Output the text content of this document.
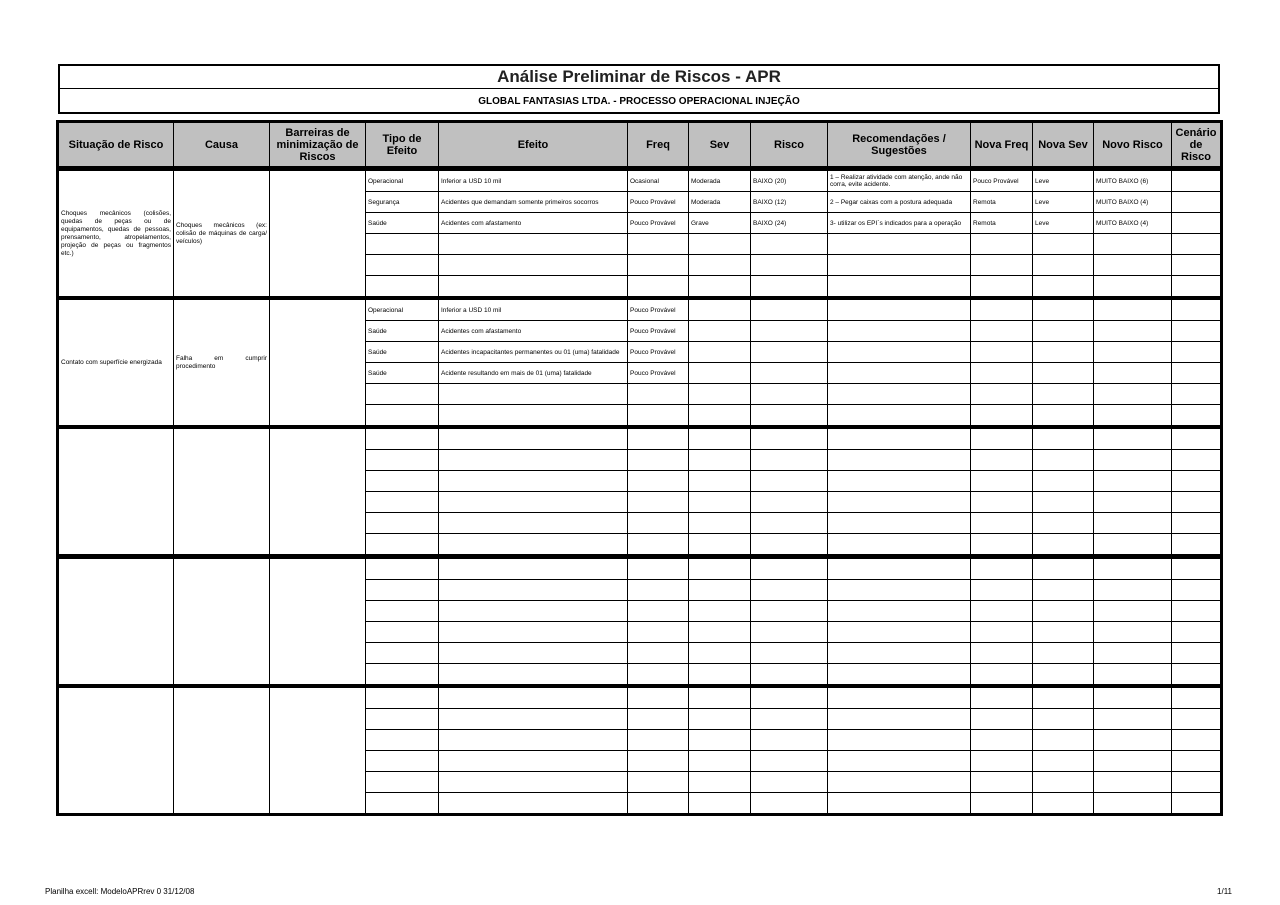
Análise Preliminar de Riscos - APR
GLOBAL FANTASIAS LTDA. - PROCESSO OPERACIONAL INJEÇÃO
Situação de Risco	Causa	Barreiras de minimização de Riscos	Tipo de Efeito	Efeito	Freq	Sev	Risco	Recomendações / Sugestões	Nova Freq	Nova Sev	Novo Risco	Cenário de Risco
Choques mecânicos (colisões, quedas de peças ou de equipamentos, quedas de pessoas, prensamento, atropelamentos, projeção de peças ou fragmentos etc.)	Choques mecânicos (ex: colisão de máquinas de carga/ veículos)		Operacional	Inferior a USD 10 mil	Ocasional	Moderada	BAIXO (20)	1 – Realizar atividade com atenção, ande não corra, evite acidente.	Pouco Provável	Leve	MUITO BAIXO (6)	
			Segurança	Acidentes que demandam somente primeiros socorros	Pouco Provável	Moderada	BAIXO (12)	2 – Pegar caixas com a postura adequada	Remota	Leve	MUITO BAIXO (4)	
			Saúde	Acidentes com afastamento	Pouco Provável	Grave	BAIXO (24)	3- utilizar os EPI´s indicados para a operação	Remota	Leve	MUITO BAIXO (4)	

Contato com superfície energizada	Falha em cumprir procedimento		Operacional	Inferior a USD 10 mil	Pouco Provável							
			Saúde	Acidentes com afastamento	Pouco Provável							
			Saúde	Acidentes incapacitantes permanentes ou 01 (uma) fatalidade	Pouco Provável							
			Saúde	Acidente resultando em mais de 01 (uma) fatalidade	Pouco Provável							

Planilha excell: ModeloAPRrev 0 31/12/08	1/11
